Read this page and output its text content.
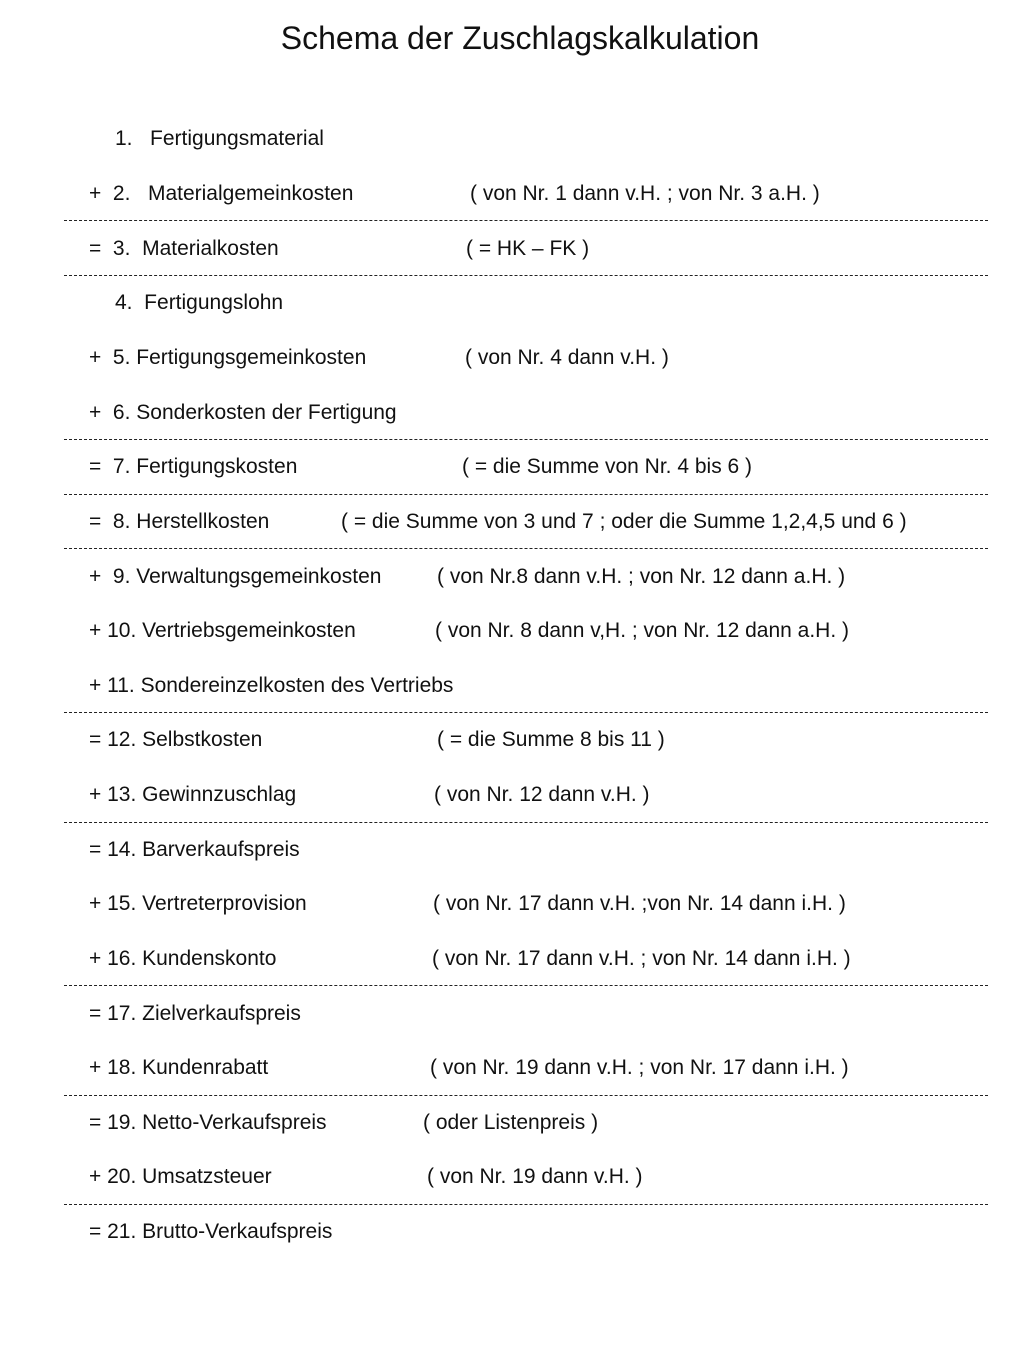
Schema der Zuschlagskalkulation
1.   Fertigungsmaterial
+  2.   Materialgemeinkosten	( von Nr. 1 dann v.H. ; von Nr. 3 a.H. )
=  3.  Materialkosten	( = HK – FK )
4.  Fertigungslohn
+  5. Fertigungsgemeinkosten	( von Nr. 4 dann v.H. )
+  6. Sonderkosten der Fertigung
=  7. Fertigungskosten	( = die Summe von Nr. 4 bis 6 )
=  8. Herstellkosten	( = die Summe von 3 und 7 ; oder die Summe 1,2,4,5 und 6 )
+  9. Verwaltungsgemeinkosten	( von Nr.8 dann v.H. ; von Nr. 12 dann a.H. )
+ 10. Vertriebsgemeinkosten	( von Nr. 8 dann v,H. ; von Nr. 12 dann a.H. )
+ 11. Sondereinzelkosten des Vertriebs
= 12. Selbstkosten	( = die Summe 8 bis 11 )
+ 13. Gewinnzuschlag	( von Nr. 12 dann v.H. )
= 14. Barverkaufspreis
+ 15. Vertreterprovision	( von Nr. 17 dann v.H. ;von Nr. 14 dann i.H. )
+ 16. Kundenskonto	( von Nr. 17 dann v.H. ; von Nr. 14 dann i.H. )
= 17. Zielverkaufspreis
+ 18. Kundenrabatt	( von Nr. 19 dann v.H. ; von Nr. 17 dann i.H. )
= 19. Netto-Verkaufspreis	( oder Listenpreis )
+ 20. Umsatzsteuer	( von Nr. 19 dann v.H. )
= 21. Brutto-Verkaufspreis
